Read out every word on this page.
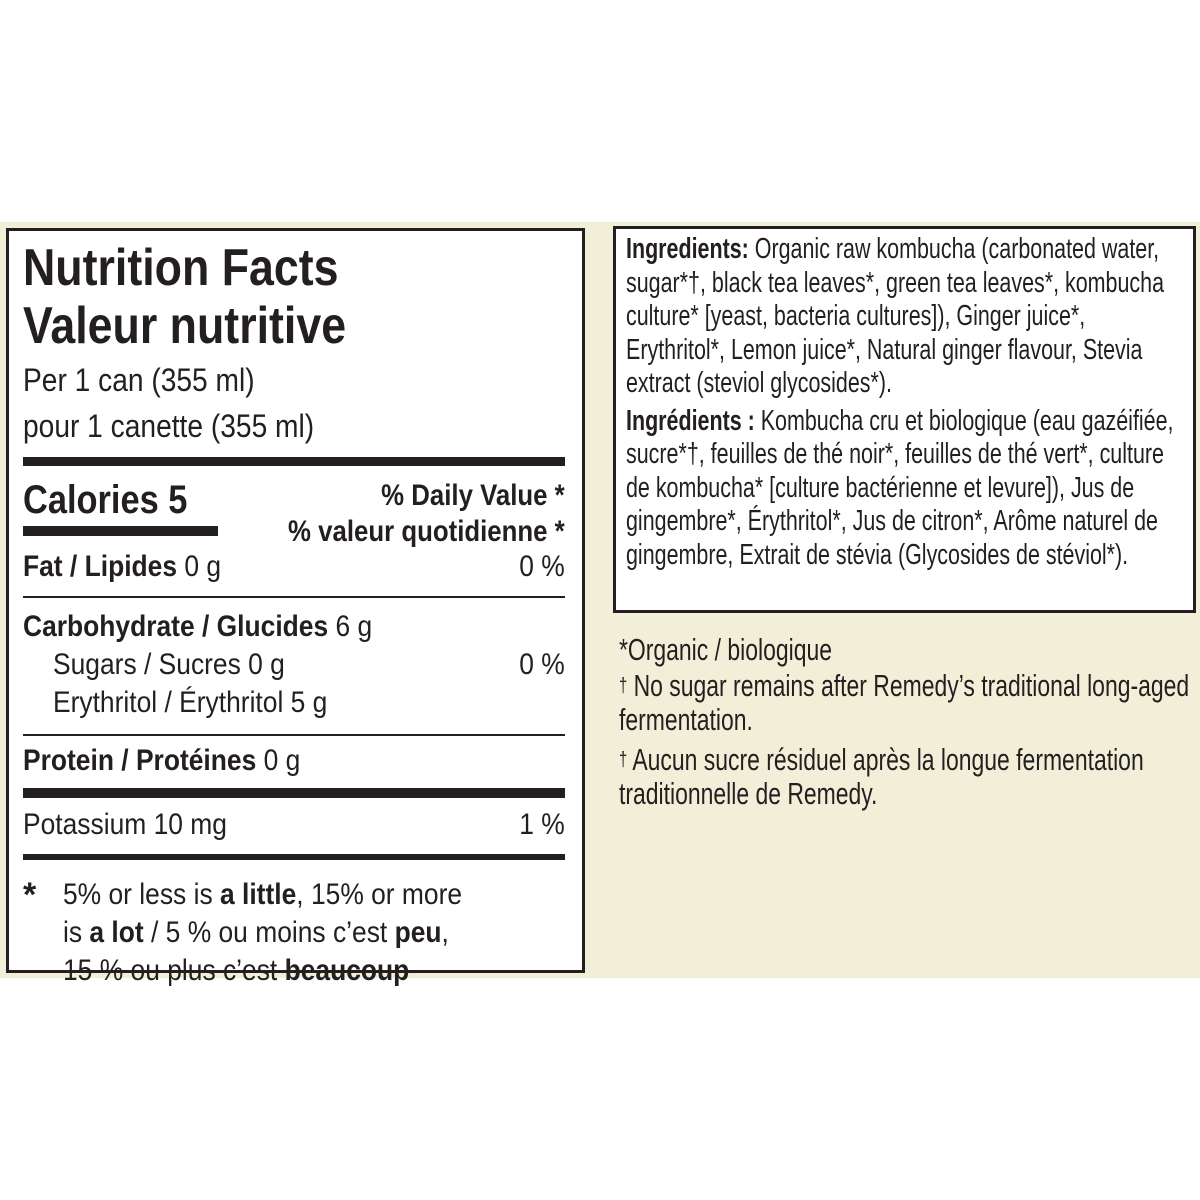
Nutrition Facts
Valeur nutritive
Per 1 can (355 ml)
pour 1 canette (355 ml)
Calories 5	% Daily Value *
% valeur quotidienne *
Fat / Lipides 0 g	0 %
Carbohydrate / Glucides 6 g
Sugars / Sucres 0 g	0 %
Erythritol / Érythritol 5 g
Protein / Protéines 0 g
Potassium 10 mg	1 %
* 5% or less is a little, 15% or more
is a lot / 5 % ou moins c’est peu,
15 % ou plus c’est beaucoup

Ingredients: Organic raw kombucha (carbonated water, sugar*†, black tea leaves*, green tea leaves*, kombucha culture* [yeast, bacteria cultures]), Ginger juice*, Erythritol*, Lemon juice*, Natural ginger flavour, Stevia extract (steviol glycosides*).

Ingrédients : Kombucha cru et biologique (eau gazéifiée, sucre*†, feuilles de thé noir*, feuilles de thé vert*, culture de kombucha* [culture bactérienne et levure]), Jus de gingembre*, Érythritol*, Jus de citron*, Arôme naturel de gingembre, Extrait de stévia (Glycosides de stéviol*).

*Organic / biologique

† No sugar remains after Remedy’s traditional long-aged fermentation.

† Aucun sucre résiduel après la longue fermentation traditionnelle de Remedy.
